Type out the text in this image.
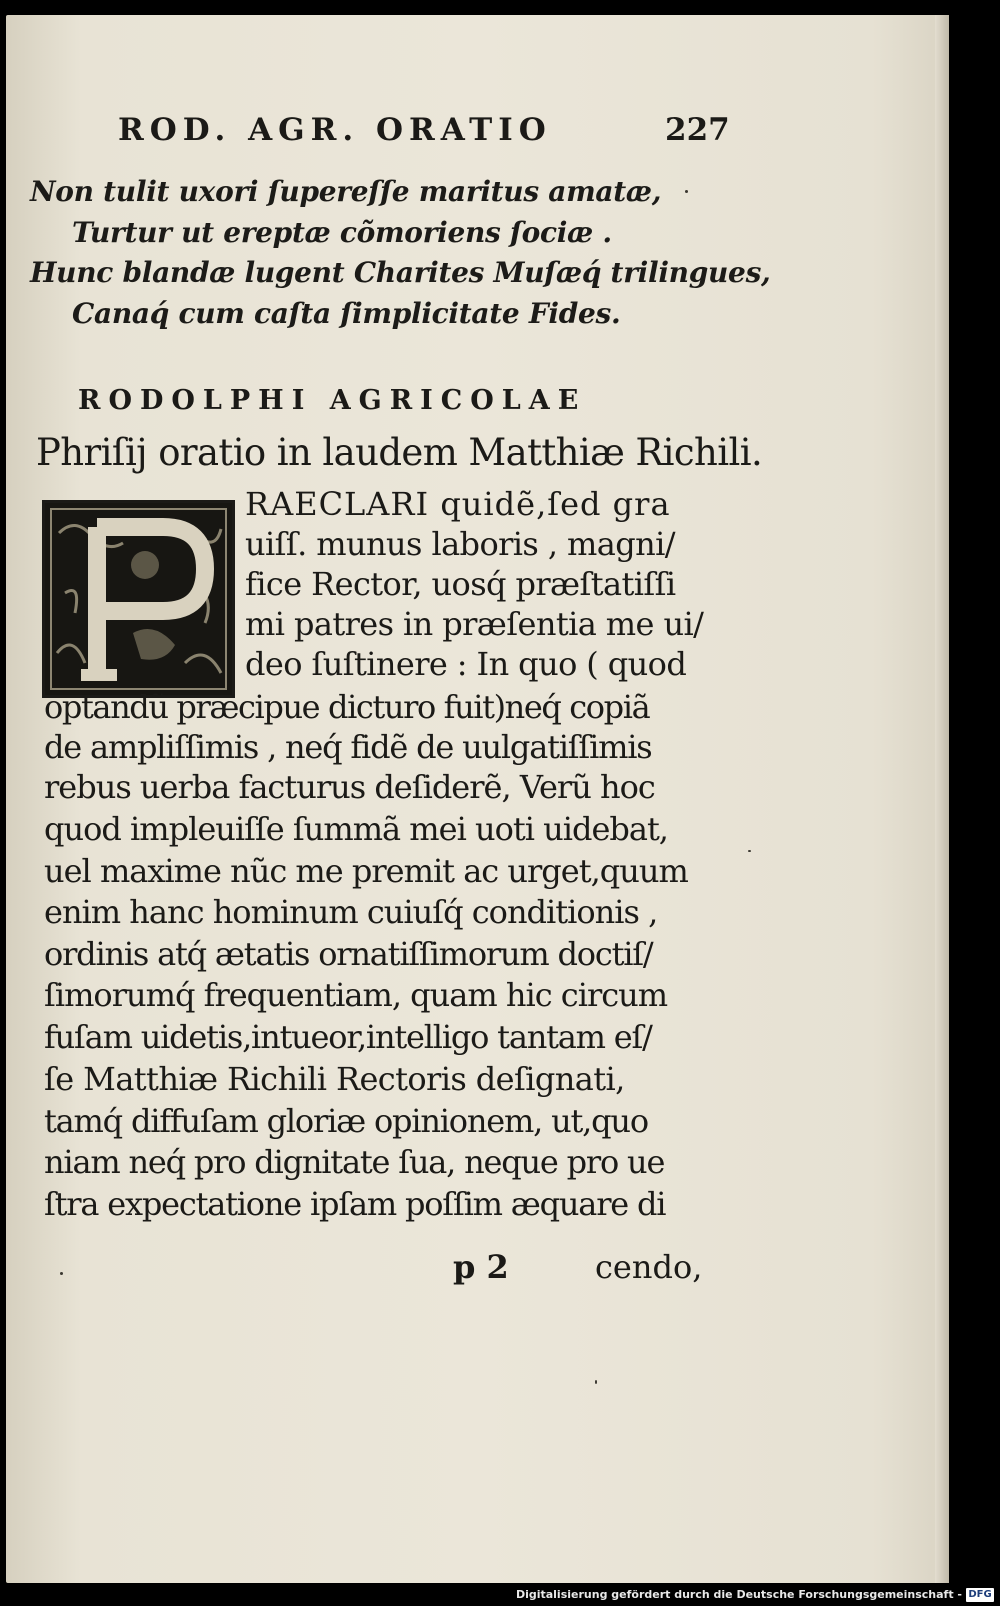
ROD. AGR. ORATIO	227
Non tulit uxori ſupereſſe maritus amatæ,
Turtur ut ereptæ cõmoriens ſociæ .
Hunc blandæ lugent Charites Muſæq́ trilingues,
Canaq́ cum caſta ſimplicitate Fides.
RODOLPHI AGRICOLAE
Phriſij oratio in laudem Matthiæ Richili.
RAECLARI quidẽ,ſed gra
uiſſ. munus laboris , magni/
fice Rector, uosq́ præſtatiſſi
mi patres in præſentia me ui/
deo ſuſtinere : In quo ( quod
optandũ præcipue dicturo fuit)neq́ copiã
de ampliſſimis , neq́ fidẽ de uulgatiſſimis
rebus uerba facturus deſiderẽ, Verũ hoc
quod impleuiſſe ſummã mei uoti uidebat,
uel maxime nũc me premit ac urget,quum
enim hanc hominum cuiuſq́ conditionis ,
ordinis atq́ ætatis ornatiſſimorum doctiſ/
ſimorumq́ frequentiam, quam hic circum
fuſam uidetis,intueor,intelligo tantam eſ/
ſe Matthiæ Richili Rectoris deſignati,
tamq́ diffuſam gloriæ opinionem, ut,quo
niam neq́ pro dignitate ſua, neque pro ue
ſtra expectatione ipſam poſſim æquare di
p 2	cendo,
Digitalisierung gefördert durch die Deutsche Forschungsgemeinschaft - DFG
